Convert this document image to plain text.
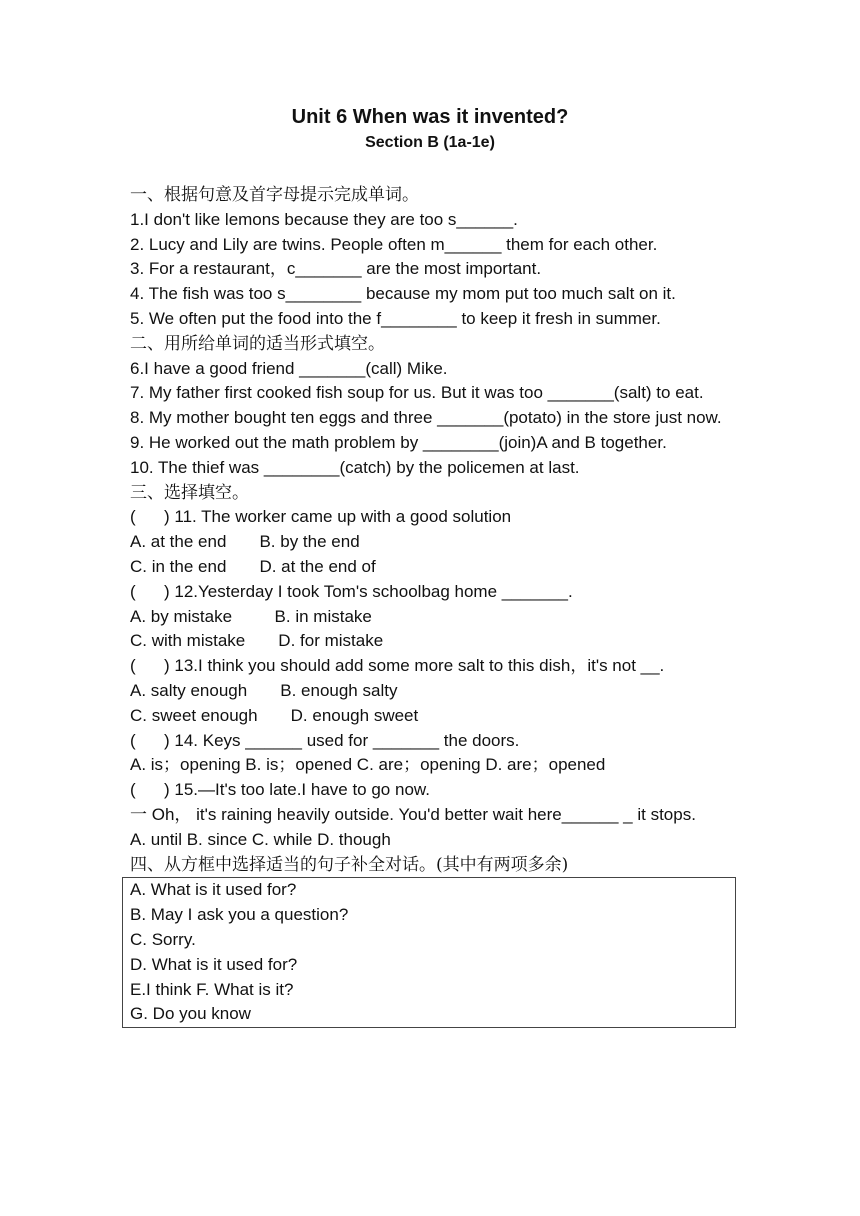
Unit 6 When was it invented?
Section B (1a-1e)
一、根据句意及首字母提示完成单词。
1.I don't like lemons because they are too s______.
2. Lucy and Lily are twins. People often m______ them for each other.
3. For a restaurant，c_______ are the most important.
4. The fish was too s________ because my mom put too much salt on it.
5. We often put the food into the f________ to keep it fresh in summer.
二、用所给单词的适当形式填空。
6.I have a good friend _______(call) Mike.
7. My father first cooked fish soup for us. But it was too _______(salt) to eat.
8. My mother bought ten eggs and three _______(potato) in the store just now.
9. He worked out the math problem by ________(join)A and B together.
10. The thief was ________(catch) by the policemen at last.
三、选择填空。
(      ) 11. The worker came up with a good solution
A. at the end       B. by the end
C. in the end       D. at the end of
(      ) 12.Yesterday I took Tom's schoolbag home _______.
A. by mistake         B. in mistake
C. with mistake       D. for mistake
(      ) 13.I think you should add some more salt to this dish，it's not __.
A. salty enough       B. enough salty
C. sweet enough       D. enough sweet
(      ) 14. Keys ______ used for _______ the doors.
A. is；opening B. is；opened C. are；opening D. are；opened
(      ) 15.—It's too late.I have to go now.
一 Oh， it's raining heavily outside. You'd better wait here______ _ it stops.
A. until B. since C. while D. though
四、从方框中选择适当的句子补全对话。(其中有两项多余)
A. What is it used for?
B. May I ask you a question?
C. Sorry.
D. What is it used for?
E.I think F. What is it?
G. Do you know
